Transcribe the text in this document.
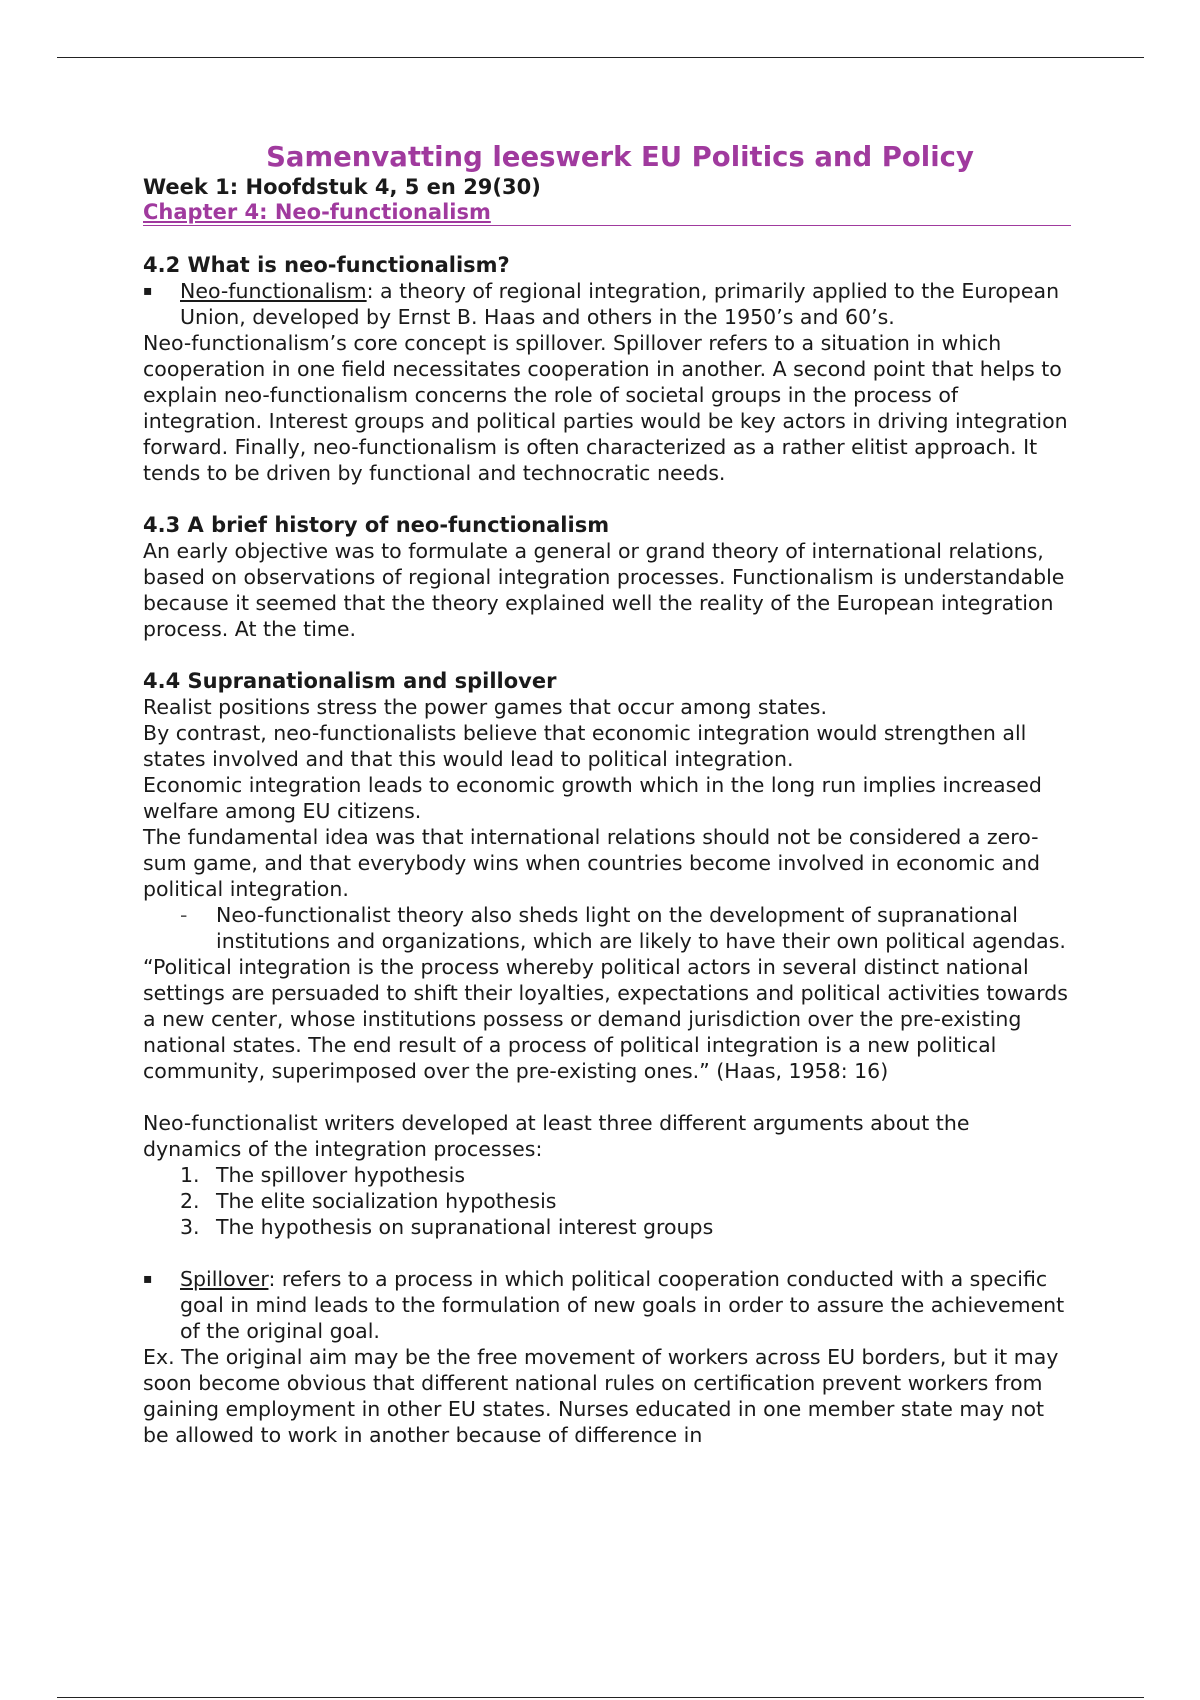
Samenvatting leeswerk EU Politics and Policy

Week 1: Hoofdstuk 4, 5 en 29(30)

Chapter 4: Neo-functionalism
4.2 What is neo-functionalism?
▪	Neo-functionalism: a theory of regional integration, primarily applied to the European Union, developed by Ernst B. Haas and others in the 1950’s and 60’s.

Neo-functionalism’s core concept is spillover. Spillover refers to a situation in which cooperation in one field necessitates cooperation in another. A second point that helps to explain neo-functionalism concerns the role of societal groups in the process of integration. Interest groups and political parties would be key actors in driving integration forward. Finally, neo-functionalism is often characterized as a rather elitist approach. It tends to be driven by functional and technocratic needs.

4.3 A brief history of neo-functionalism

An early objective was to formulate a general or grand theory of international relations, based on observations of regional integration processes. Functionalism is understandable because it seemed that the theory explained well the reality of the European integration process. At the time.

4.4 Supranationalism and spillover

Realist positions stress the power games that occur among states.

By contrast, neo-functionalists believe that economic integration would strengthen all states involved and that this would lead to political integration.

Economic integration leads to economic growth which in the long run implies increased welfare among EU citizens.

The fundamental idea was that international relations should not be considered a zero-sum game, and that everybody wins when countries become involved in economic and political integration.

-	Neo-functionalist theory also sheds light on the development of supranational institutions and organizations, which are likely to have their own political agendas.

“Political integration is the process whereby political actors in several distinct national settings are persuaded to shift their loyalties, expectations and political activities towards a new center, whose institutions possess or demand jurisdiction over the pre-existing national states. The end result of a process of political integration is a new political community, superimposed over the pre-existing ones.” (Haas, 1958: 16)

Neo-functionalist writers developed at least three different arguments about the dynamics of the integration processes:

1. The spillover hypothesis
2. The elite socialization hypothesis
3. The hypothesis on supranational interest groups
▪	Spillover: refers to a process in which political cooperation conducted with a specific goal in mind leads to the formulation of new goals in order to assure the achievement of the original goal.

Ex. The original aim may be the free movement of workers across EU borders, but it may soon become obvious that different national rules on certification prevent workers from gaining employment in other EU states. Nurses educated in one member state may not be allowed to work in another because of difference in
